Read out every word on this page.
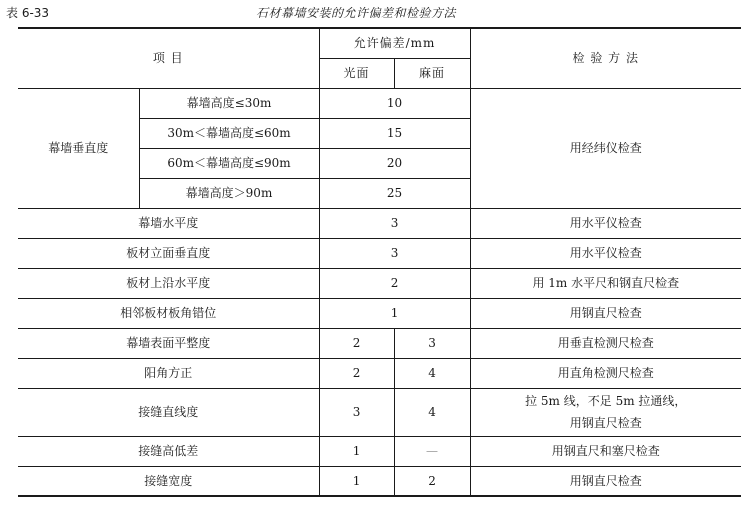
表 6-33	石材幕墙安装的允许偏差和检验方法
项 目		允许偏差/mm		检 验 方 法
		光面	麻面	
幕墙垂直度	幕墙高度≤30m	10		用经纬仪检查
	30m＜幕墙高度≤60m	15		
	60m＜幕墙高度≤90m	20		
	幕墙高度＞90m	25		
幕墙水平度		3		用水平仪检查
板材立面垂直度		3		用水平仪检查
板材上沿水平度		2		用 1m 水平尺和钢直尺检查
相邻板材板角错位		1		用钢直尺检查
幕墙表面平整度		2	3	用垂直检测尺检查
阳角方正		2	4	用直角检测尺检查
接缝直线度		3	4	拉 5m 线，不足 5m 拉通线，
用钢直尺检查

接缝高低差		1	—	用钢直尺和塞尺检查
接缝宽度		1	2	用钢直尺检查
